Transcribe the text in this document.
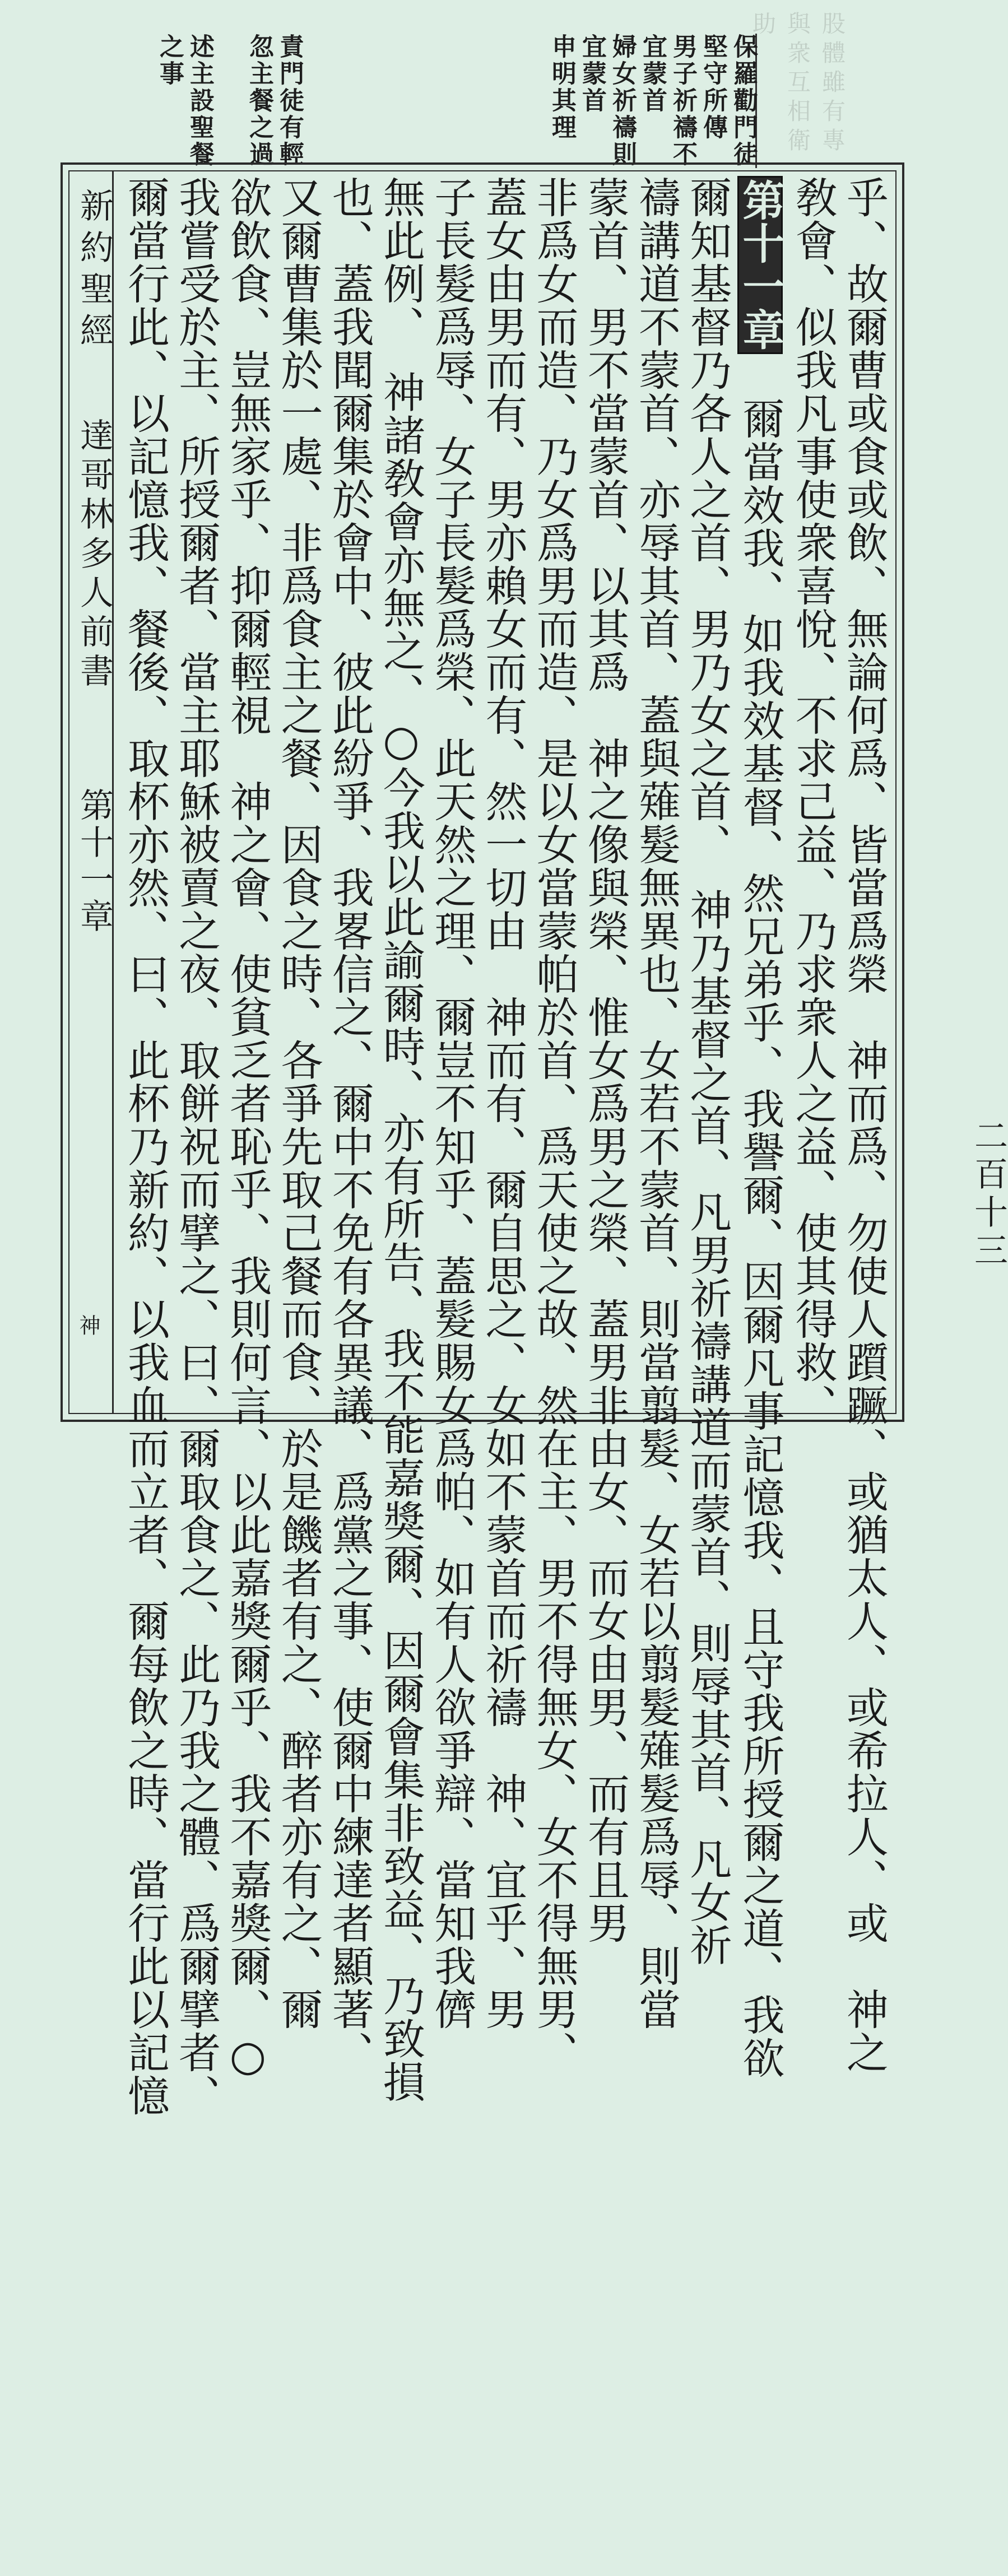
股體雖有專
與衆互相衛
助
保羅勸門徒
堅守所傳
男子祈禱不
宜蒙首
婦女祈禱則
宜蒙首
申明其理
責門徒有輕
忽主餐之過
述主設聖餐
之事
新約聖經
達哥林多人前書
第十一章
二百十三
神	乎、故爾曹或食或飲、無論何爲、皆當爲榮　神而爲、勿使人躓蹶、或猶太人、或希拉人、或　神之
敎會、似我凡事使衆喜悅、不求己益、乃求衆人之益、使其得救、
第十一章　爾當效我、如我效基督、然兄弟乎、我譽爾、因爾凡事記憶我、且守我所授爾之道、我欲
爾知基督乃各人之首、男乃女之首、　神乃基督之首、凡男祈禱講道而蒙首、則辱其首、凡女祈
禱講道不蒙首、亦辱其首、蓋與薙髮無異也、女若不蒙首、則當翦髮、女若以翦髮薙髮爲辱、則當
蒙首、男不當蒙首、以其爲　神之像與榮、惟女爲男之榮、蓋男非由女、而女由男、而有且男
非爲女而造、乃女爲男而造、是以女當蒙帕於首、爲天使之故、然在主、男不得無女、女不得無男、
蓋女由男而有、男亦賴女而有、然一切由　神而有、爾自思之、女如不蒙首而祈禱　神、宜乎、男
子長髮爲辱、女子長髮爲榮、此天然之理、爾豈不知乎、蓋髮賜女爲帕、如有人欲爭辯、當知我儕
無此例、　神諸敎會亦無之、○今我以此諭爾時、亦有所告、我不能嘉獎爾、因爾會集非致益、乃致損
也、蓋我聞爾集於會中、彼此紛爭、我畧信之、爾中不免有各異議、爲黨之事、使爾中練達者顯著、
又爾曹集於一處、非爲食主之餐、因食之時、各爭先取己餐而食、於是饑者有之、醉者亦有之、爾
欲飲食、豈無家乎、抑爾輕視　神之會、使貧乏者恥乎、我則何言、以此嘉獎爾乎、我不嘉獎爾、○
我嘗受於主、所授爾者、當主耶穌被賣之夜、取餅祝而擘之、曰、爾取食之、此乃我之體、爲爾擘者、
爾當行此、以記憶我、餐後、取杯亦然、曰、此杯乃新約、以我血而立者、爾每飲之時、當行此以記憶
